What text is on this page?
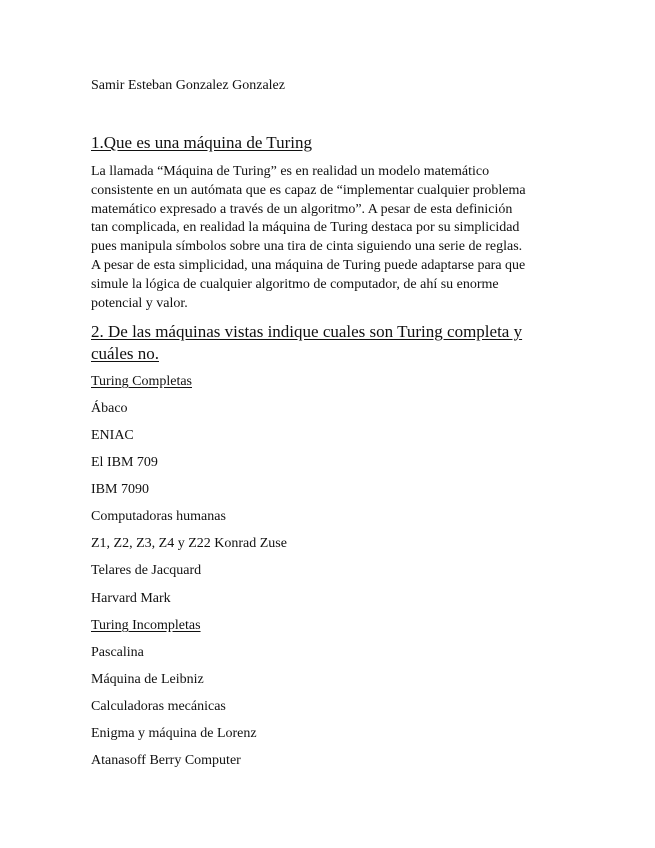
Samir Esteban Gonzalez Gonzalez
1.Que es una máquina de Turing

La llamada “Máquina de Turing” es en realidad un modelo matemático
consistente en un autómata que es capaz de “implementar cualquier problema
matemático expresado a través de un algoritmo”. A pesar de esta definición
tan complicada, en realidad la máquina de Turing destaca por su simplicidad
pues manipula símbolos sobre una tira de cinta siguiendo una serie de reglas.
A pesar de esta simplicidad, una máquina de Turing puede adaptarse para que
simule la lógica de cualquier algoritmo de computador, de ahí su enorme
potencial y valor.

2. De las máquinas vistas indique cuales son Turing completa y
cuáles no.
Turing Completas
Ábaco
ENIAC
El IBM 709
IBM 7090
Computadoras humanas
Z1, Z2, Z3, Z4 y Z22 Konrad Zuse
Telares de Jacquard
Harvard Mark
Turing Incompletas
Pascalina
Máquina de Leibniz
Calculadoras mecánicas
Enigma y máquina de Lorenz
Atanasoff Berry Computer
